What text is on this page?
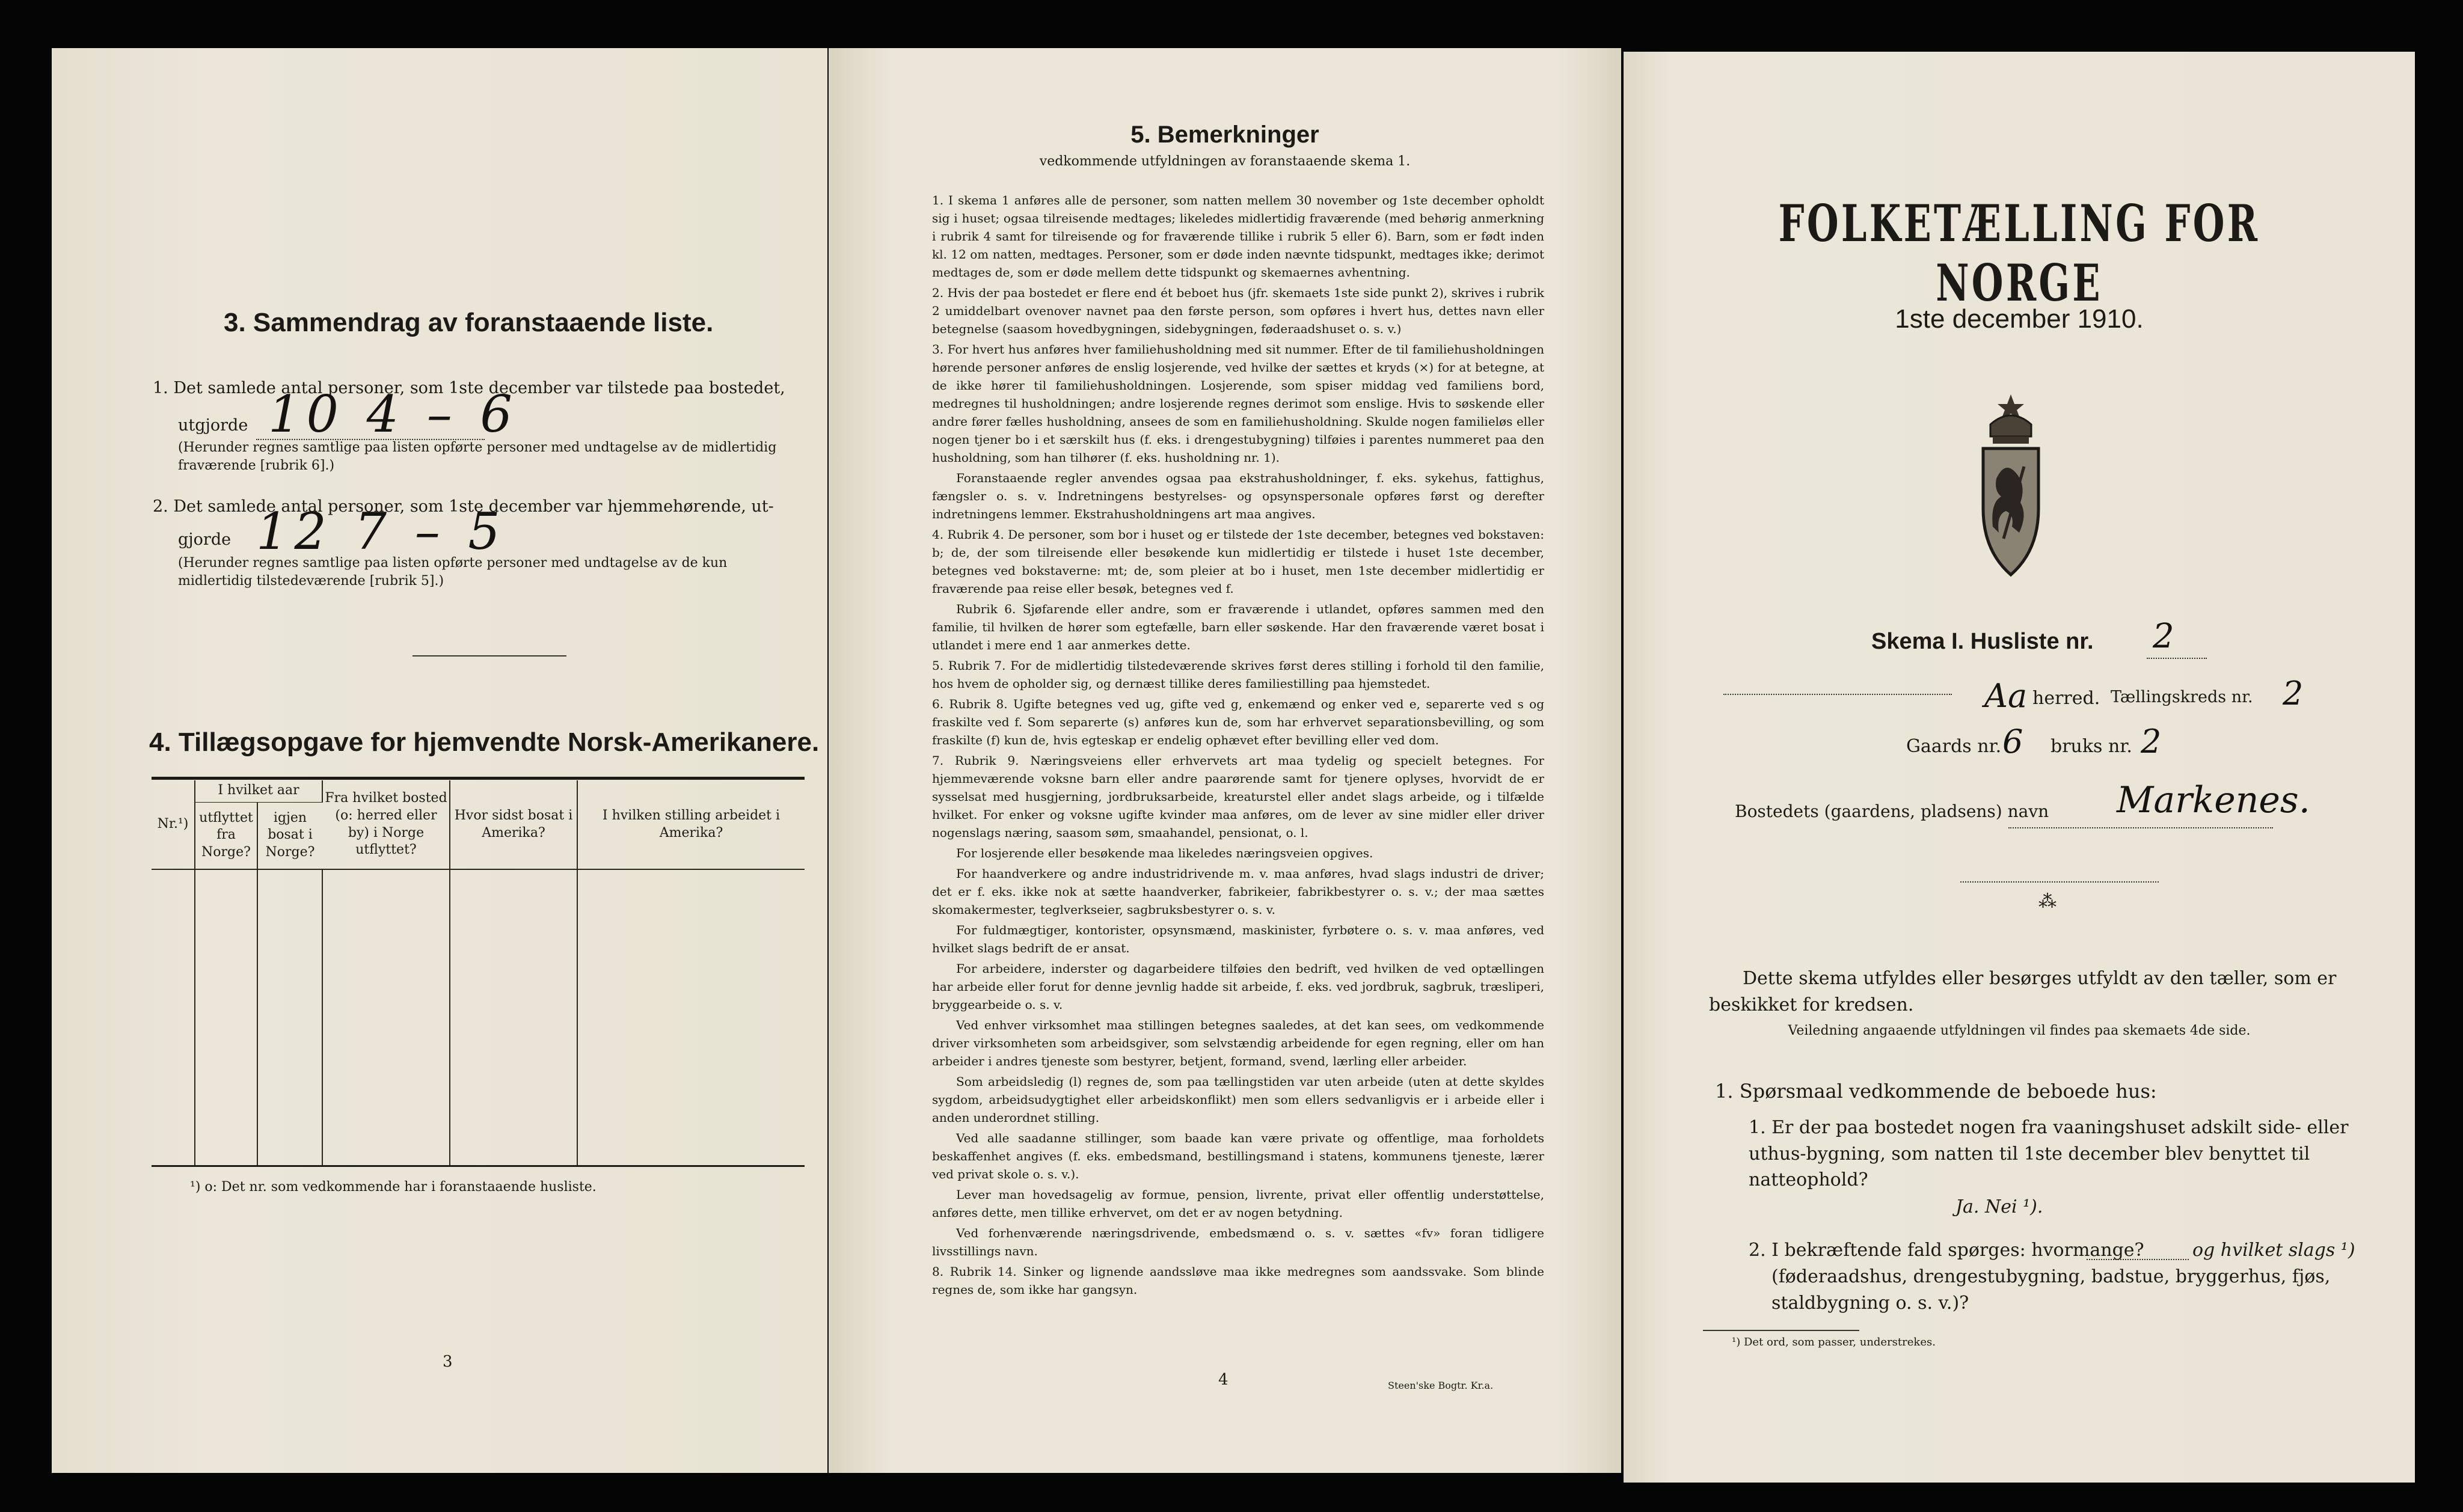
3. Sammendrag av foranstaaende liste.
1. Det samlede antal personer, som 1ste december var tilstede paa bostedet,
utgjorde 10 4 – 6
(Herunder regnes samtlige paa listen opførte personer med undtagelse av de midlertidig fraværende [rubrik 6].)
2. Det samlede antal personer, som 1ste december var hjemmehørende, ut-
gjorde 12 7 – 5
(Herunder regnes samtlige paa listen opførte personer med undtagelse av de kun midlertidig tilstedeværende [rubrik 5].)
4. Tillægsopgave for hjemvendte Norsk-Amerikanere.
Nr.¹)	I hvilket aar		Fra hvilket bosted (o: herred eller by) i Norge utflyttet?	Hvor sidst bosat i Amerika?	I hvilken stilling arbeidet i Amerika?
	utflyttet fra Norge?	igjen bosat i Norge?			

¹) o: Det nr. som vedkommende har i foranstaaende husliste.
3
5. Bemerkninger
vedkommende utfyldningen av foranstaaende skema 1.

1. I skema 1 anføres alle de personer, som natten mellem 30 november og 1ste december opholdt sig i huset; ogsaa tilreisende medtages; likeledes midlertidig fraværende (med behørig anmerkning i rubrik 4 samt for tilreisende og for fraværende tillike i rubrik 5 eller 6). Barn, som er født inden kl. 12 om natten, medtages. Personer, som er døde inden nævnte tidspunkt, medtages ikke; derimot medtages de, som er døde mellem dette tidspunkt og skemaernes avhentning.

2. Hvis der paa bostedet er flere end ét beboet hus (jfr. skemaets 1ste side punkt 2), skrives i rubrik 2 umiddelbart ovenover navnet paa den første person, som opføres i hvert hus, dettes navn eller betegnelse (saasom hovedbygningen, sidebygningen, føderaadshuset o. s. v.)

3. For hvert hus anføres hver familiehusholdning med sit nummer. Efter de til familiehusholdningen hørende personer anføres de enslig losjerende, ved hvilke der sættes et kryds (×) for at betegne, at de ikke hører til familiehusholdningen. Losjerende, som spiser middag ved familiens bord, medregnes til husholdningen; andre losjerende regnes derimot som enslige. Hvis to søskende eller andre fører fælles husholdning, ansees de som en familiehusholdning. Skulde nogen familieløs eller nogen tjener bo i et særskilt hus (f. eks. i drengestubygning) tilføies i parentes nummeret paa den husholdning, som han tilhører (f. eks. husholdning nr. 1).

Foranstaaende regler anvendes ogsaa paa ekstrahusholdninger, f. eks. sykehus, fattighus, fængsler o. s. v. Indretningens bestyrelses- og opsynspersonale opføres først og derefter indretningens lemmer. Ekstrahusholdningens art maa angives.

4. Rubrik 4. De personer, som bor i huset og er tilstede der 1ste december, betegnes ved bokstaven: b; de, der som tilreisende eller besøkende kun midlertidig er tilstede i huset 1ste december, betegnes ved bokstaverne: mt; de, som pleier at bo i huset, men 1ste december midlertidig er fraværende paa reise eller besøk, betegnes ved f.

Rubrik 6. Sjøfarende eller andre, som er fraværende i utlandet, opføres sammen med den familie, til hvilken de hører som egtefælle, barn eller søskende. Har den fraværende været bosat i utlandet i mere end 1 aar anmerkes dette.

5. Rubrik 7. For de midlertidig tilstedeværende skrives først deres stilling i forhold til den familie, hos hvem de opholder sig, og dernæst tillike deres familiestilling paa hjemstedet.

6. Rubrik 8. Ugifte betegnes ved ug, gifte ved g, enkemænd og enker ved e, separerte ved s og fraskilte ved f. Som separerte (s) anføres kun de, som har erhvervet separationsbevilling, og som fraskilte (f) kun de, hvis egteskap er endelig ophævet efter bevilling eller ved dom.

7. Rubrik 9. Næringsveiens eller erhvervets art maa tydelig og specielt betegnes. For hjemmeværende voksne barn eller andre paarørende samt for tjenere oplyses, hvorvidt de er sysselsat med husgjerning, jordbruksarbeide, kreaturstel eller andet slags arbeide, og i tilfælde hvilket. For enker og voksne ugifte kvinder maa anføres, om de lever av sine midler eller driver nogenslags næring, saasom søm, smaahandel, pensionat, o. l.

For losjerende eller besøkende maa likeledes næringsveien opgives.

For haandverkere og andre industridrivende m. v. maa anføres, hvad slags industri de driver; det er f. eks. ikke nok at sætte haandverker, fabrikeier, fabrikbestyrer o. s. v.; der maa sættes skomakermester, teglverkseier, sagbruksbestyrer o. s. v.

For fuldmægtiger, kontorister, opsynsmænd, maskinister, fyrbøtere o. s. v. maa anføres, ved hvilket slags bedrift de er ansat.

For arbeidere, inderster og dagarbeidere tilføies den bedrift, ved hvilken de ved optællingen har arbeide eller forut for denne jevnlig hadde sit arbeide, f. eks. ved jordbruk, sagbruk, træsliperi, bryggearbeide o. s. v.

Ved enhver virksomhet maa stillingen betegnes saaledes, at det kan sees, om vedkommende driver virksomheten som arbeidsgiver, som selvstændig arbeidende for egen regning, eller om han arbeider i andres tjeneste som bestyrer, betjent, formand, svend, lærling eller arbeider.

Som arbeidsledig (l) regnes de, som paa tællingstiden var uten arbeide (uten at dette skyldes sygdom, arbeidsudygtighet eller arbeidskonflikt) men som ellers sedvanligvis er i arbeide eller i anden underordnet stilling.

Ved alle saadanne stillinger, som baade kan være private og offentlige, maa forholdets beskaffenhet angives (f. eks. embedsmand, bestillingsmand i statens, kommunens tjeneste, lærer ved privat skole o. s. v.).

Lever man hovedsagelig av formue, pension, livrente, privat eller offentlig understøttelse, anføres dette, men tillike erhvervet, om det er av nogen betydning.

Ved forhenværende næringsdrivende, embedsmænd o. s. v. sættes «fv» foran tidligere livsstillings navn.

8. Rubrik 14. Sinker og lignende aandssløve maa ikke medregnes som aandssvake. Som blinde regnes de, som ikke har gangsyn.

4	Steen'ske Bogtr. Kr.a.
FOLKETÆLLING FOR NORGE
1ste december 1910.
Skema I. Husliste nr. 2
Aa herred. Tællingskreds nr. 2
Gaards nr. 6 bruks nr. 2
Bostedets (gaardens, pladsens) navn Markenes.
⁂
Dette skema utfyldes eller besørges utfyldt av den tæller, som er beskikket for kredsen.
Veiledning angaaende utfyldningen vil findes paa skemaets 4de side.
1. Spørsmaal vedkommende de beboede hus:
1. Er der paa bostedet nogen fra vaaningshuset adskilt side- eller uthus-bygning, som natten til 1ste december blev benyttet til natteophold?
Ja. Nei ¹).
2. I bekræftende fald spørges: hvormange?	og hvilket slags ¹)
(føderaadshus, drengestubygning, badstue, bryggerhus, fjøs, staldbygning o. s. v.)?
¹) Det ord, som passer, understrekes.
